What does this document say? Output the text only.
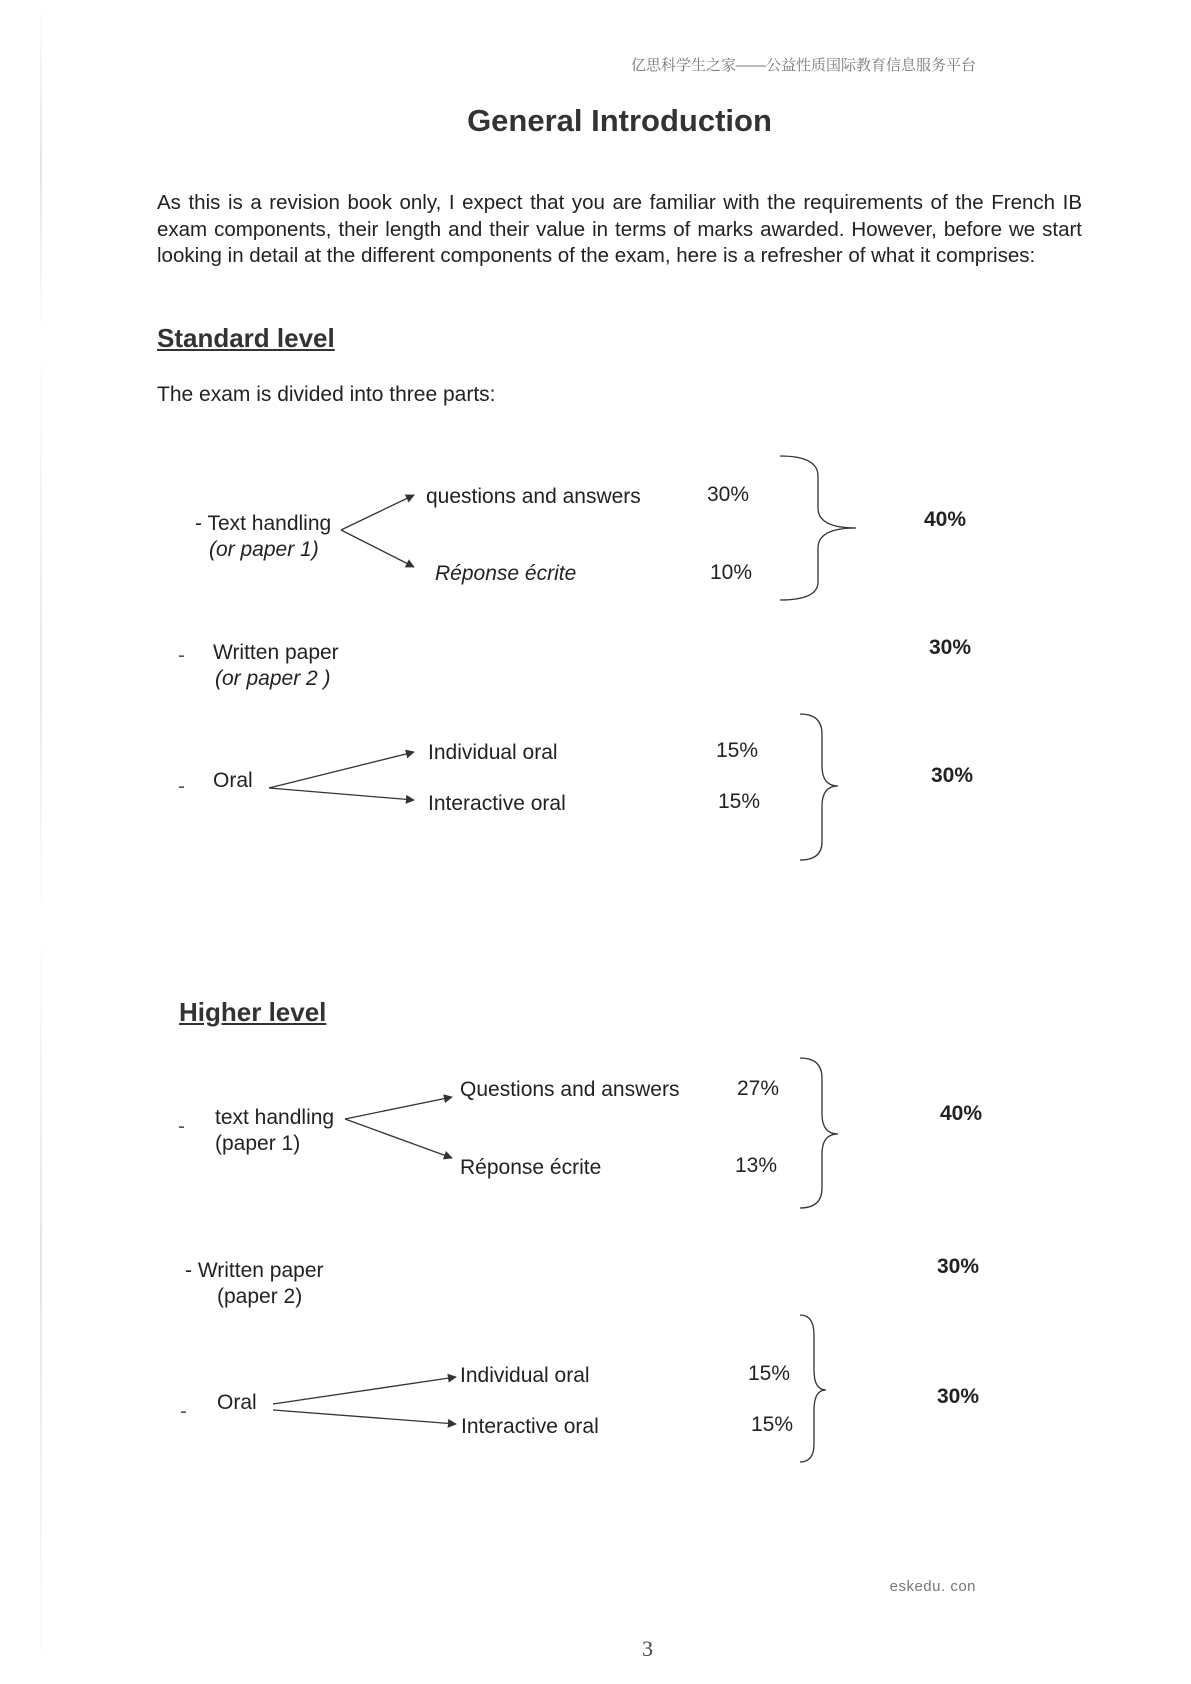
亿思科学生之家——公益性质国际教育信息服务平台
General Introduction
As this is a revision book only, I expect that you are familiar with the requirements of the French IB exam components, their length and their value in terms of marks awarded. However, before we start looking in detail at the different components of the exam, here is a refresher of what it comprises:
Standard level
The exam is divided into three parts:
- Text handling
(or paper 1)
questions and answers	30%
Réponse écrite	10%
40%
- Written paper
(or paper 2 )
30%
- Oral
Individual oral	15%
Interactive oral	15%
30%
Higher level
- text handling
(paper 1)
Questions and answers	27%
Réponse écrite	13%
40%
- Written paper
(paper 2)
30%
- Oral
Individual oral	15%
Interactive oral	15%
30%
eskedu. con
3
